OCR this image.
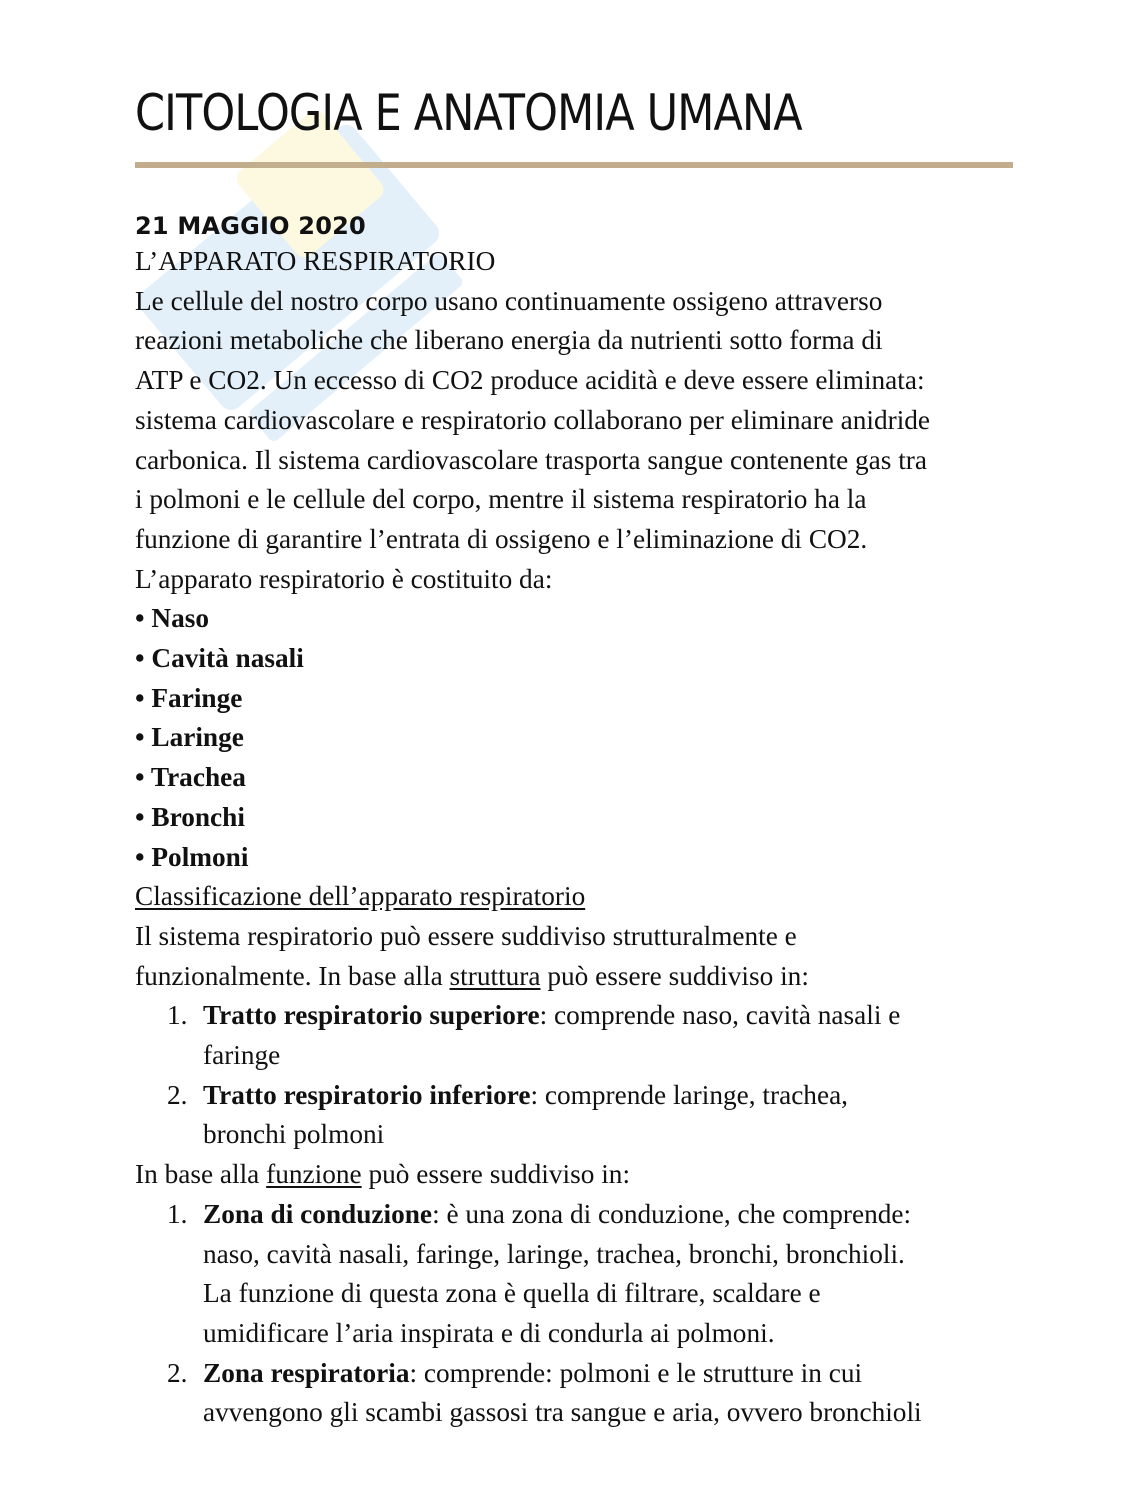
CITOLOGIA E ANATOMIA UMANA
21 MAGGIO 2020

L’APPARATO RESPIRATORIO

Le cellule del nostro corpo usano continuamente ossigeno attraverso

reazioni metaboliche che liberano energia da nutrienti sotto forma di

ATP e CO2. Un eccesso di CO2 produce acidità e deve essere eliminata:

sistema cardiovascolare e respiratorio collaborano per eliminare anidride

carbonica. Il sistema cardiovascolare trasporta sangue contenente gas tra

i polmoni e le cellule del corpo, mentre il sistema respiratorio ha la

funzione di garantire l’entrata di ossigeno e l’eliminazione di CO2.

L’apparato respiratorio è costituito da:

• Naso
• Cavità nasali
• Faringe
• Laringe
• Trachea
• Bronchi
• Polmoni

Classificazione dell’apparato respiratorio

Il sistema respiratorio può essere suddiviso strutturalmente e

funzionalmente. In base alla struttura può essere suddiviso in:

1. Tratto respiratorio superiore: comprende naso, cavità nasali e
faringe
2. Tratto respiratorio inferiore: comprende laringe, trachea,
bronchi polmoni

In base alla funzione può essere suddiviso in:

1. Zona di conduzione: è una zona di conduzione, che comprende:
naso, cavità nasali, faringe, laringe, trachea, bronchi, bronchioli.
La funzione di questa zona è quella di filtrare, scaldare e
umidificare l’aria inspirata e di condurla ai polmoni.
2. Zona respiratoria: comprende: polmoni e le strutture in cui
avvengono gli scambi gassosi tra sangue e aria, ovvero bronchioli
